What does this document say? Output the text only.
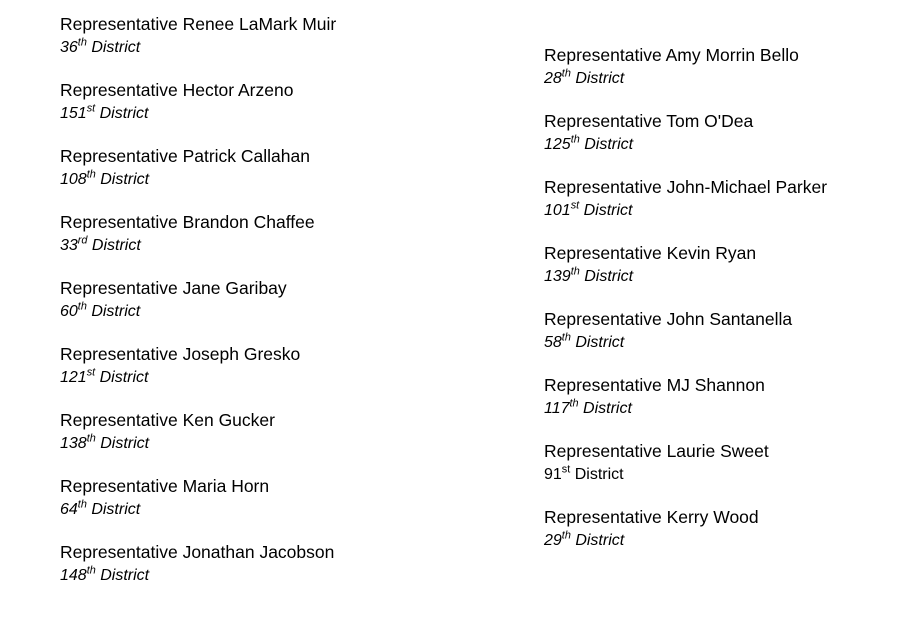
Representative Renee LaMark Muir
36th District
Representative Hector Arzeno
151st District
Representative Patrick Callahan
108th District
Representative Brandon Chaffee
33rd District
Representative Jane Garibay
60th District
Representative Joseph Gresko
121st District
Representative Ken Gucker
138th District
Representative Maria Horn
64th District
Representative Jonathan Jacobson
148th District
Representative Amy Morrin Bello
28th District
Representative Tom O'Dea
125th District
Representative John-Michael Parker
101st District
Representative Kevin Ryan
139th District
Representative John Santanella
58th District
Representative MJ Shannon
117th District
Representative Laurie Sweet
91st District
Representative Kerry Wood
29th District
